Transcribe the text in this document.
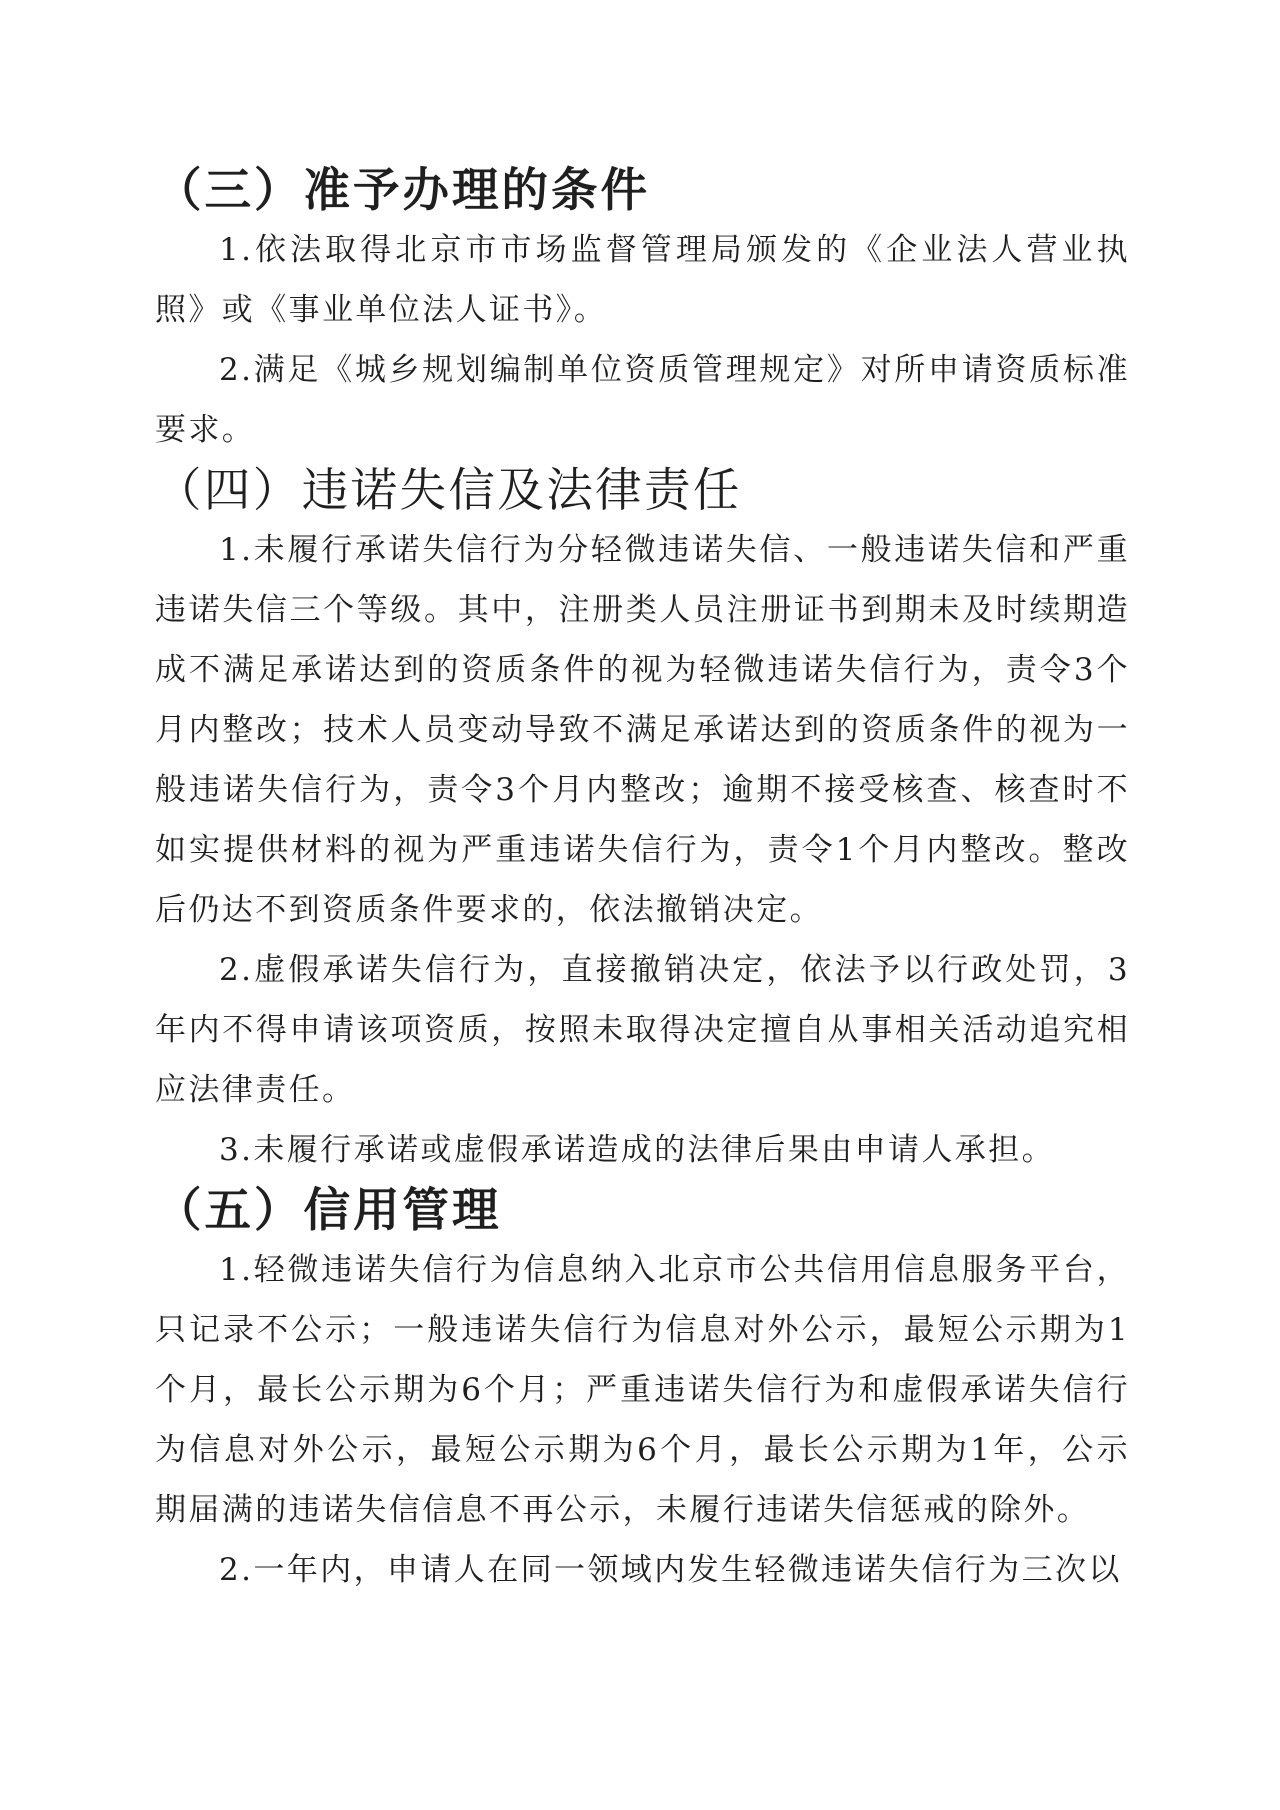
（三）准予办理的条件

1.依法取得北京市市场监督管理局颁发的《企业法人营业执照》或《事业单位法人证书》。

2.满足《城乡规划编制单位资质管理规定》对所申请资质标准要求。

（四）违诺失信及法律责任

1.未履行承诺失信行为分轻微违诺失信、一般违诺失信和严重违诺失信三个等级。其中，注册类人员注册证书到期未及时续期造成不满足承诺达到的资质条件的视为轻微违诺失信行为，责令3个月内整改；技术人员变动导致不满足承诺达到的资质条件的视为一般违诺失信行为，责令3个月内整改；逾期不接受核查、核查时不如实提供材料的视为严重违诺失信行为，责令1个月内整改。整改后仍达不到资质条件要求的，依法撤销决定。

2.虚假承诺失信行为，直接撤销决定，依法予以行政处罚，3年内不得申请该项资质，按照未取得决定擅自从事相关活动追究相应法律责任。

3.未履行承诺或虚假承诺造成的法律后果由申请人承担。

（五）信用管理

1.轻微违诺失信行为信息纳入北京市公共信用信息服务平台，只记录不公示；一般违诺失信行为信息对外公示，最短公示期为1个月，最长公示期为6个月；严重违诺失信行为和虚假承诺失信行为信息对外公示，最短公示期为6个月，最长公示期为1年，公示期届满的违诺失信信息不再公示，未履行违诺失信惩戒的除外。

2.一年内，申请人在同一领域内发生轻微违诺失信行为三次以
